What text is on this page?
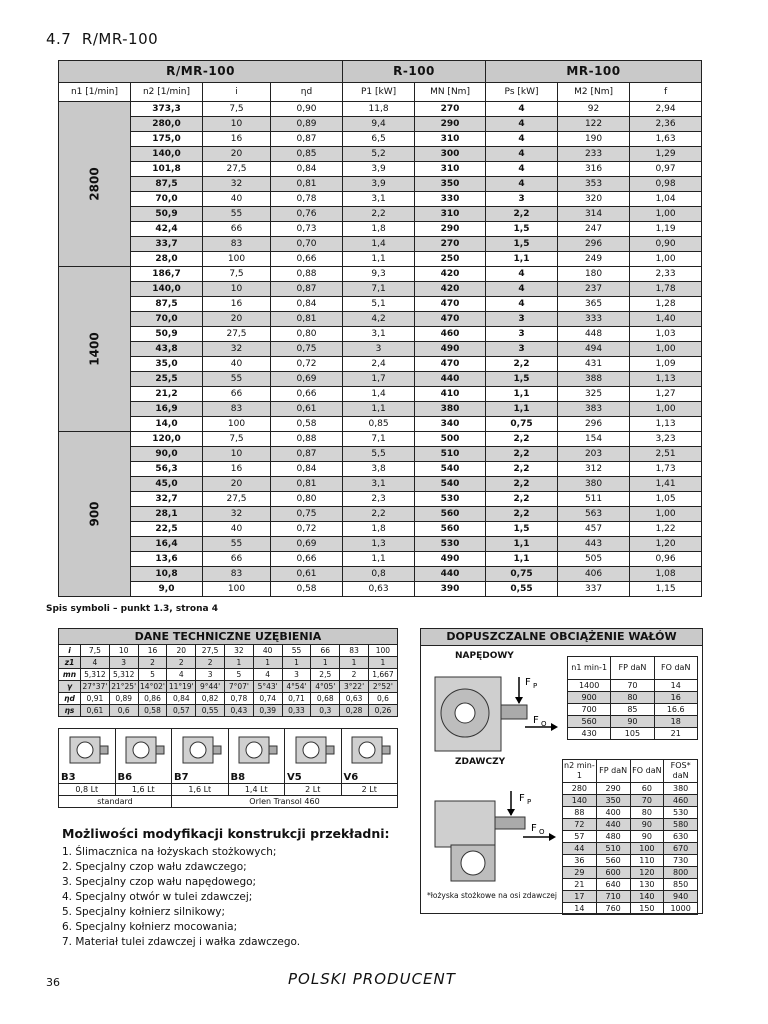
4.7 R/MR-100
R/MR-100				R-100		MR-100		
n1 [1/min]	n2 [1/min]	i	ηd	P1 [kW]	MN [Nm]	Ps [kW]	M2 [Nm]	f
2800	373,3	7,5	0,90	11,8	270	4	92	2,94
	280,0	10	0,89	9,4	290	4	122	2,36
	175,0	16	0,87	6,5	310	4	190	1,63
	140,0	20	0,85	5,2	300	4	233	1,29
	101,8	27,5	0,84	3,9	310	4	316	0,97
	87,5	32	0,81	3,9	350	4	353	0,98
	70,0	40	0,78	3,1	330	3	320	1,04
	50,9	55	0,76	2,2	310	2,2	314	1,00
	42,4	66	0,73	1,8	290	1,5	247	1,19
	33,7	83	0,70	1,4	270	1,5	296	0,90
	28,0	100	0,66	1,1	250	1,1	249	1,00
1400	186,7	7,5	0,88	9,3	420	4	180	2,33
	140,0	10	0,87	7,1	420	4	237	1,78
	87,5	16	0,84	5,1	470	4	365	1,28
	70,0	20	0,81	4,2	470	3	333	1,40
	50,9	27,5	0,80	3,1	460	3	448	1,03
	43,8	32	0,75	3	490	3	494	1,00
	35,0	40	0,72	2,4	470	2,2	431	1,09
	25,5	55	0,69	1,7	440	1,5	388	1,13
	21,2	66	0,66	1,4	410	1,1	325	1,27
	16,9	83	0,61	1,1	380	1,1	383	1,00
	14,0	100	0,58	0,85	340	0,75	296	1,13
900	120,0	7,5	0,88	7,1	500	2,2	154	3,23
	90,0	10	0,87	5,5	510	2,2	203	2,51
	56,3	16	0,84	3,8	540	2,2	312	1,73
	45,0	20	0,81	3,1	540	2,2	380	1,41
	32,7	27,5	0,80	2,3	530	2,2	511	1,05
	28,1	32	0,75	2,2	560	2,2	563	1,00
	22,5	40	0,72	1,8	560	1,5	457	1,22
	16,4	55	0,69	1,3	530	1,1	443	1,20
	13,6	66	0,66	1,1	490	1,1	505	0,96
	10,8	83	0,61	0,8	440	0,75	406	1,08
	9,0	100	0,58	0,63	390	0,55	337	1,15
Spis symboli – punkt 1.3, strona 4
DANE TECHNICZNE UZĘBIENIA											
i	7,5	10	16	20	27,5	32	40	55	66	83	100
z1	4	3	2	2	2	1	1	1	1	1	1
mn	5,312	5,312	5	4	3	5	4	3	2,5	2	1,667
γ	27°37'	21°25'	14°02'	11°19'	9°44'	7°07'	5°43'	4°54'	4°05'	3°22'	2°52'
ηd	0,91	0,89	0,86	0,84	0,82	0,78	0,74	0,71	0,68	0,63	0,6
ηs	0,61	0,6	0,58	0,57	0,55	0,43	0,39	0,33	0,3	0,28	0,26
B3	B6	B7	B8	V5	V6

0,8 Lt	1,6 Lt	1,6 Lt	1,4 Lt	2 Lt	2 Lt
standard		Orlen Transol 460			
Możliwości modyfikacji konstrukcji przekładni:
1. Ślimacznica na łożyskach stożkowych;
2. Specjalny czop wału zdawczego;
3. Specjalny czop wału napędowego;
4. Specjalny otwór w tulei zdawczej;
5. Specjalny kołnierz silnikowy;
6. Specjalny kołnierz mocowania;
7. Materiał tulei zdawczej i wałka zdawczego.
DOPUSZCZALNE OBCIĄŻENIE WAŁÓW
NAPĘDOWY
F P
F O
n1 min-1	FP daN	FO daN
1400	70	14
900	80	16
700	85	16.6
560	90	18
430	105	21
ZDAWCZY
F P
F O
n2 min-1	FP daN	FO daN	FOS* daN
280	290	60	380
140	350	70	460
88	400	80	530
72	440	90	580
57	480	90	630
44	510	100	670
36	560	110	730
29	600	120	800
21	640	130	850
17	710	140	940
14	760	150	1000
*łożyska stożkowe na osi zdawczej
36	POLSKI PRODUCENT
